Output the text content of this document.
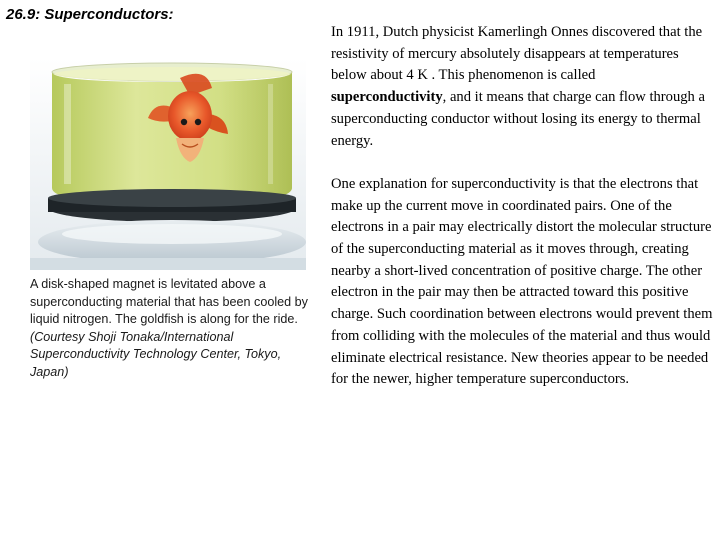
26.9: Superconductors:
A disk-shaped magnet is levitated above a superconducting material that has been cooled by liquid nitrogen. The goldfish is along for the ride.(Courtesy Shoji Tonaka/International Superconductivity Technology Center, Tokyo, Japan)

In 1911, Dutch physicist Kamerlingh Onnes discovered that the resistivity of mercury absolutely disappears at temperatures below about 4 K . This phenomenon is called superconductivity, and it means that charge can flow through a superconducting conductor without losing its energy to thermal energy.

One explanation for superconductivity is that the electrons that make up the current move in coordinated pairs. One of the electrons in a pair may electrically distort the molecular structure of the superconducting material as it moves through, creating nearby a short-lived concentration of positive charge. The other electron in the pair may then be attracted toward this positive charge. Such coordination between electrons would prevent them from colliding with the molecules of the material and thus would eliminate electrical resistance. New theories appear to be needed for the newer, higher temperature superconductors.
